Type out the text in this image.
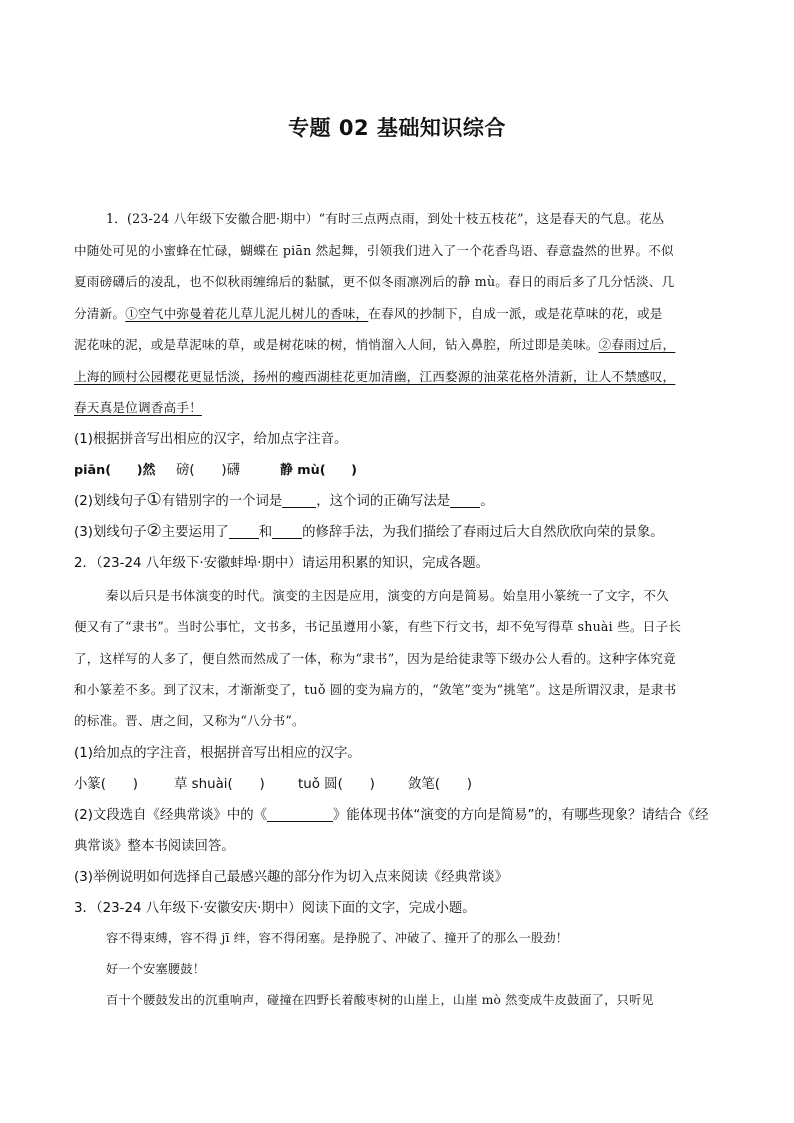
专题 02 基础知识综合
1．(23-24 八年级下安徽合肥·期中）“有时三点两点雨，到处十枝五枝花”，这是春天的气息。花丛
中随处可见的小蜜蜂在忙碌，蝴蝶在 piān 然起舞，引领我们进入了一个花香鸟语、春意盎然的世界。不似
夏雨磅礴后的凌乱，也不似秋雨缠绵后的黏腻，更不似冬雨凛冽后的静 mù。春日的雨后多了几分恬淡、几
分清新。①空气中弥曼着花儿草儿泥儿树儿的香味，在春风的抄制下，自成一派，或是花草味的花，或是
泥花味的泥，或是草泥味的草，或是树花味的树，悄悄溜入人间，钻入鼻腔，所过即是美味。②春雨过后，
上海的顾村公园樱花更显恬淡，扬州的瘦西湖桂花更加清幽，江西婺源的油菜花格外清新，让人不禁感叹，
春天真是位调香高手！
(1)根据拼音写出相应的汉字，给加点字注音。
piān(　　)然 磅(　　)礴	静 mù(　　)
(2)划线句子①有错别字的一个词是	，这个词的正确写法是 。
(3)划线句子②主要运用了 和 的修辞手法，为我们描绘了春雨过后大自然欣欣向荣的景象。
2．（23-24 八年级下·安徽蚌埠·期中）请运用积累的知识，完成各题。
秦以后只是书体演变的时代。演变的主因是应用，演变的方向是简易。始皇用小篆统一了文字，不久
便又有了“隶书”。当时公事忙，文书多，书记虽遵用小篆，有些下行文书，却不免写得草 shuài 些。日子长
了，这样写的人多了，便自然而然成了一体，称为“隶书”，因为是给徒隶等下级办公人看的。这种字体究竟
和小篆差不多。到了汉末，才渐渐变了，tuǒ 圆的变为扁方的，“敛笔”变为“挑笔”。这是所谓汉隶，是隶书
的标准。晋、唐之间，又称为“八分书”。
(1)给加点的字注音，根据拼音写出相应的汉字。
小篆(　　)	草 shuài(　　) tuǒ 圆(　　) 敛笔(　　)
(2)文段选自《经典常谈》中的《	》能体现书体“演变的方向是简易”的，有哪些现象？请结合《经
典常谈》整本书阅读回答。
(3)举例说明如何选择自己最感兴趣的部分作为切入点来阅读《经典常谈》
3．（23-24 八年级下·安徽安庆·期中）阅读下面的文字，完成小题。
容不得束缚，容不得 jī 绊，容不得闭塞。是挣脱了、冲破了、撞开了的那么一股劲！
好一个安塞腰鼓！
百十个腰鼓发出的沉重响声，碰撞在四野长着酸枣树的山崖上，山崖 mò 然变成牛皮鼓面了，只听见
